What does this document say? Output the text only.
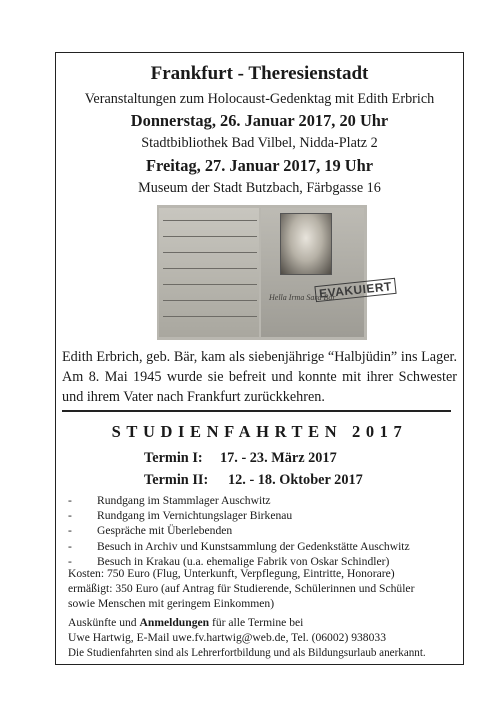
Frankfurt - Theresienstadt
Veranstaltungen zum Holocaust-Gedenktag mit Edith Erbrich
Donnerstag, 26. Januar 2017, 20 Uhr
Stadtbibliothek Bad Vilbel, Nidda-Platz 2
Freitag, 27. Januar 2017, 19 Uhr
Museum der Stadt Butzbach, Färbgasse 16
Hella Irma Sara Bär
EVAKUIERT
Edith Erbrich, geb. Bär, kam als siebenjährige “Halbjüdin” ins Lager. Am 8. Mai 1945 wurde sie befreit und konnte mit ihrer Schwester und ihrem Vater nach Frankfurt zurückkehren.
STUDIENFAHRTEN 2017
Termin I: 17. - 23. März 2017
Termin II: 12. - 18. Oktober 2017
-	Rundgang im Stammlager Auschwitz
-	Rundgang im Vernichtungslager Birkenau
-	Gespräche mit Überlebenden
-	Besuch in Archiv und Kunstsammlung der Gedenkstätte Auschwitz
-	Besuch in Krakau (u.a. ehemalige Fabrik von Oskar Schindler)
Kosten: 750 Euro (Flug, Unterkunft, Verpflegung, Eintritte, Honorare)
ermäßigt: 350 Euro (auf Antrag für Studierende, Schülerinnen und Schüler
sowie Menschen mit geringem Einkommen)
Auskünfte und Anmeldungen für alle Termine bei
Uwe Hartwig, E-Mail uwe.fv.hartwig@web.de, Tel. (06002) 938033
Die Studienfahrten sind als Lehrerfortbildung und als Bildungsurlaub anerkannt.
